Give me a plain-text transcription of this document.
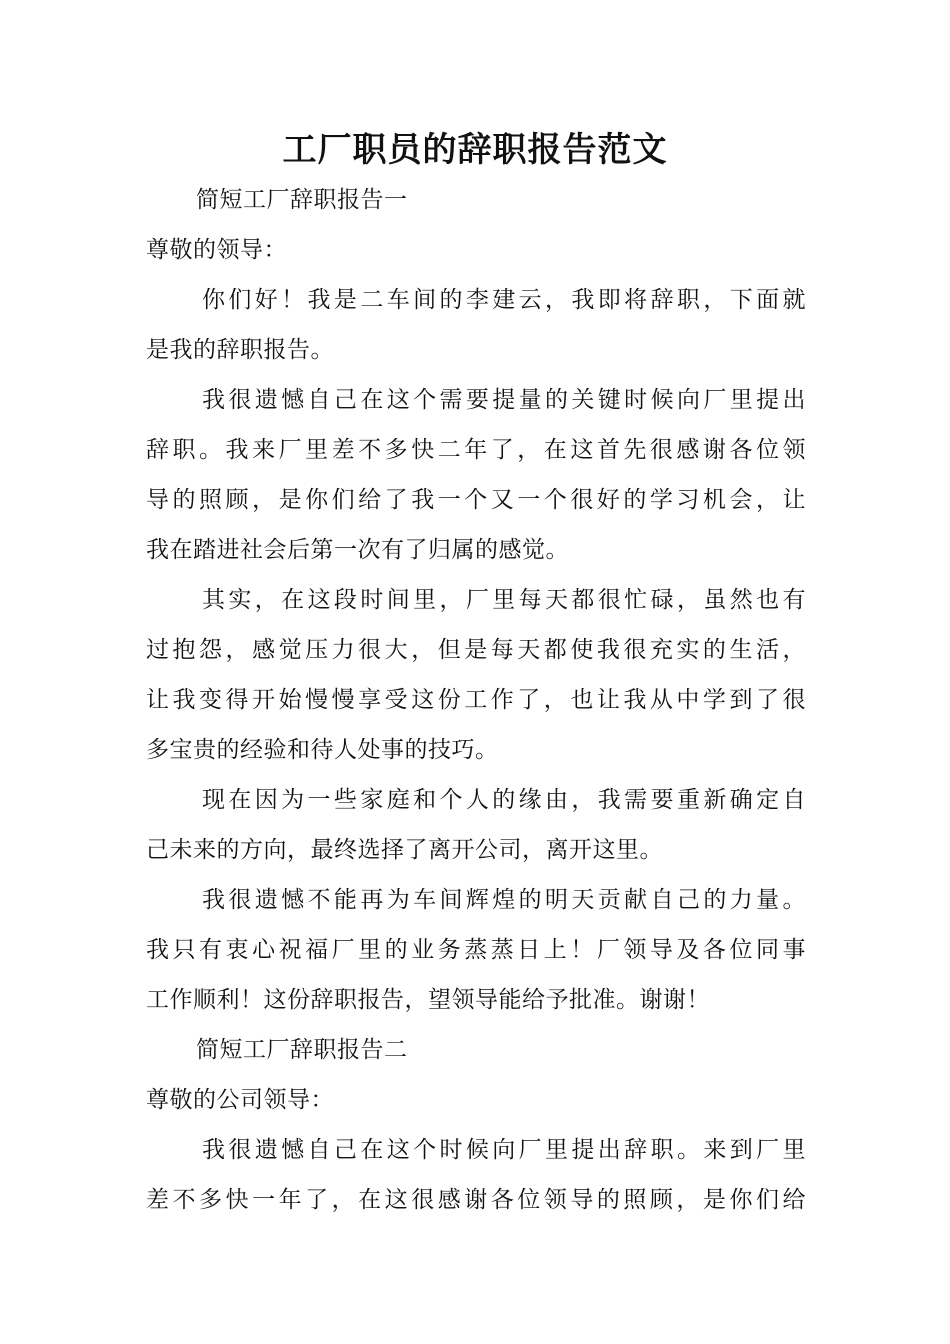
工厂职员的辞职报告范文
简短工厂辞职报告一
尊敬的领导：
你们好！我是二车间的李建云，我即将辞职，下面就
是我的辞职报告。
我很遗憾自己在这个需要提量的关键时候向厂里提出
辞职。我来厂里差不多快二年了，在这首先很感谢各位领
导的照顾，是你们给了我一个又一个很好的学习机会，让
我在踏进社会后第一次有了归属的感觉。
其实，在这段时间里，厂里每天都很忙碌，虽然也有
过抱怨，感觉压力很大，但是每天都使我很充实的生活，
让我变得开始慢慢享受这份工作了，也让我从中学到了很
多宝贵的经验和待人处事的技巧。
现在因为一些家庭和个人的缘由，我需要重新确定自
己未来的方向，最终选择了离开公司，离开这里。
我很遗憾不能再为车间辉煌的明天贡献自己的力量。
我只有衷心祝福厂里的业务蒸蒸日上！厂领导及各位同事
工作顺利！这份辞职报告，望领导能给予批准。谢谢！
简短工厂辞职报告二
尊敬的公司领导：
我很遗憾自己在这个时候向厂里提出辞职。来到厂里
差不多快一年了，在这很感谢各位领导的照顾，是你们给
